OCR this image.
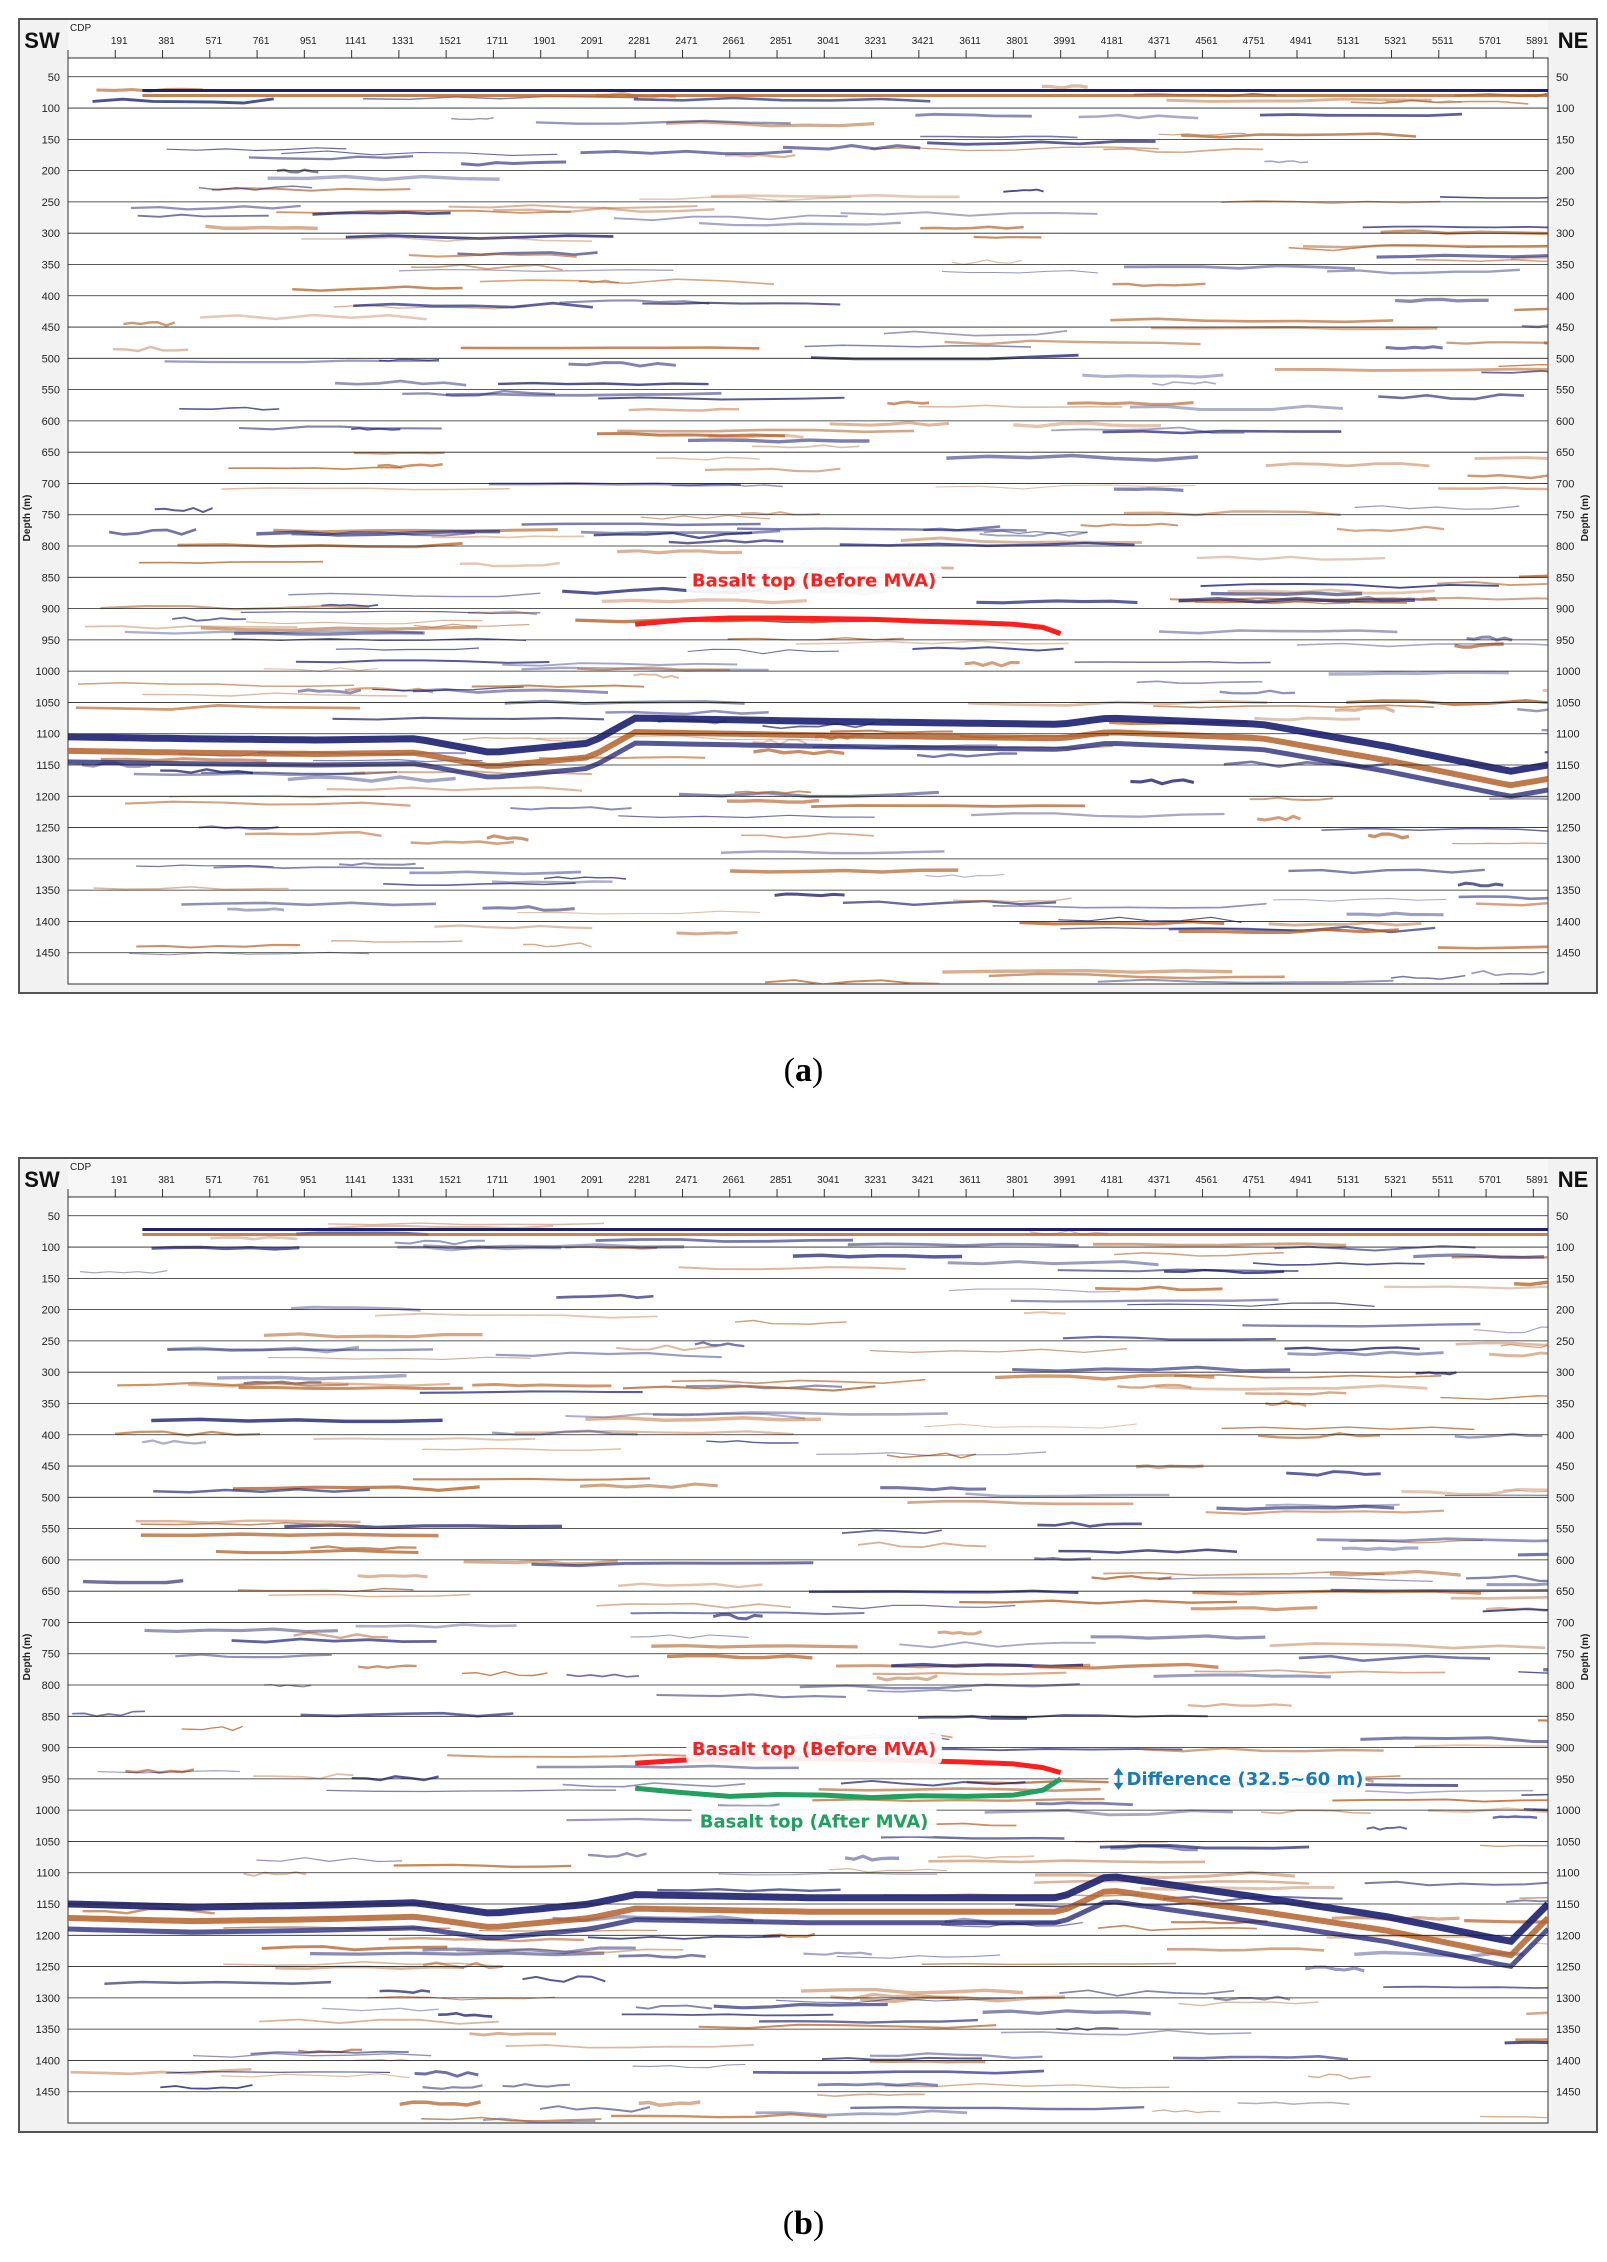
50	50
100	100
150	150
200	200
250	250
300	300
350	350
400	400
450	450
500	500
550	550
600	600
650	650
700	700
750	750
800	800
850	850
900	900
950	950
1000	1000
1050	1050
1100	1100
1150	1150
1200	1200
1250	1250
1300	1300
1350	1350
1400	1400
1450	1450
CDP
191	381	571	761	951	1141	1331	1521	1711	1901	2091	2281	2471	2661	2851	3041	3231	3421	3611	3801	3991	4181	4371	4561	4751	4941	5131	5321	5511	5701	5891
SW	NE
Depth (m)	Depth (m)
Basalt top (Before MVA)
(a)
50	50
100	100
150	150
200	200
250	250
300	300
350	350
400	400
450	450
500	500
550	550
600	600
650	650
700	700
750	750
800	800
850	850
900	900
950	950
1000	1000
1050	1050
1100	1100
1150	1150
1200	1200
1250	1250
1300	1300
1350	1350
1400	1400
1450	1450
CDP
191	381	571	761	951	1141	1331	1521	1711	1901	2091	2281	2471	2661	2851	3041	3231	3421	3611	3801	3991	4181	4371	4561	4751	4941	5131	5321	5511	5701	5891
SW	NE
Depth (m)	Depth (m)
Basalt top (Before MVA)
Basalt top (After MVA)
Difference (32.5~60 m)
(b)
